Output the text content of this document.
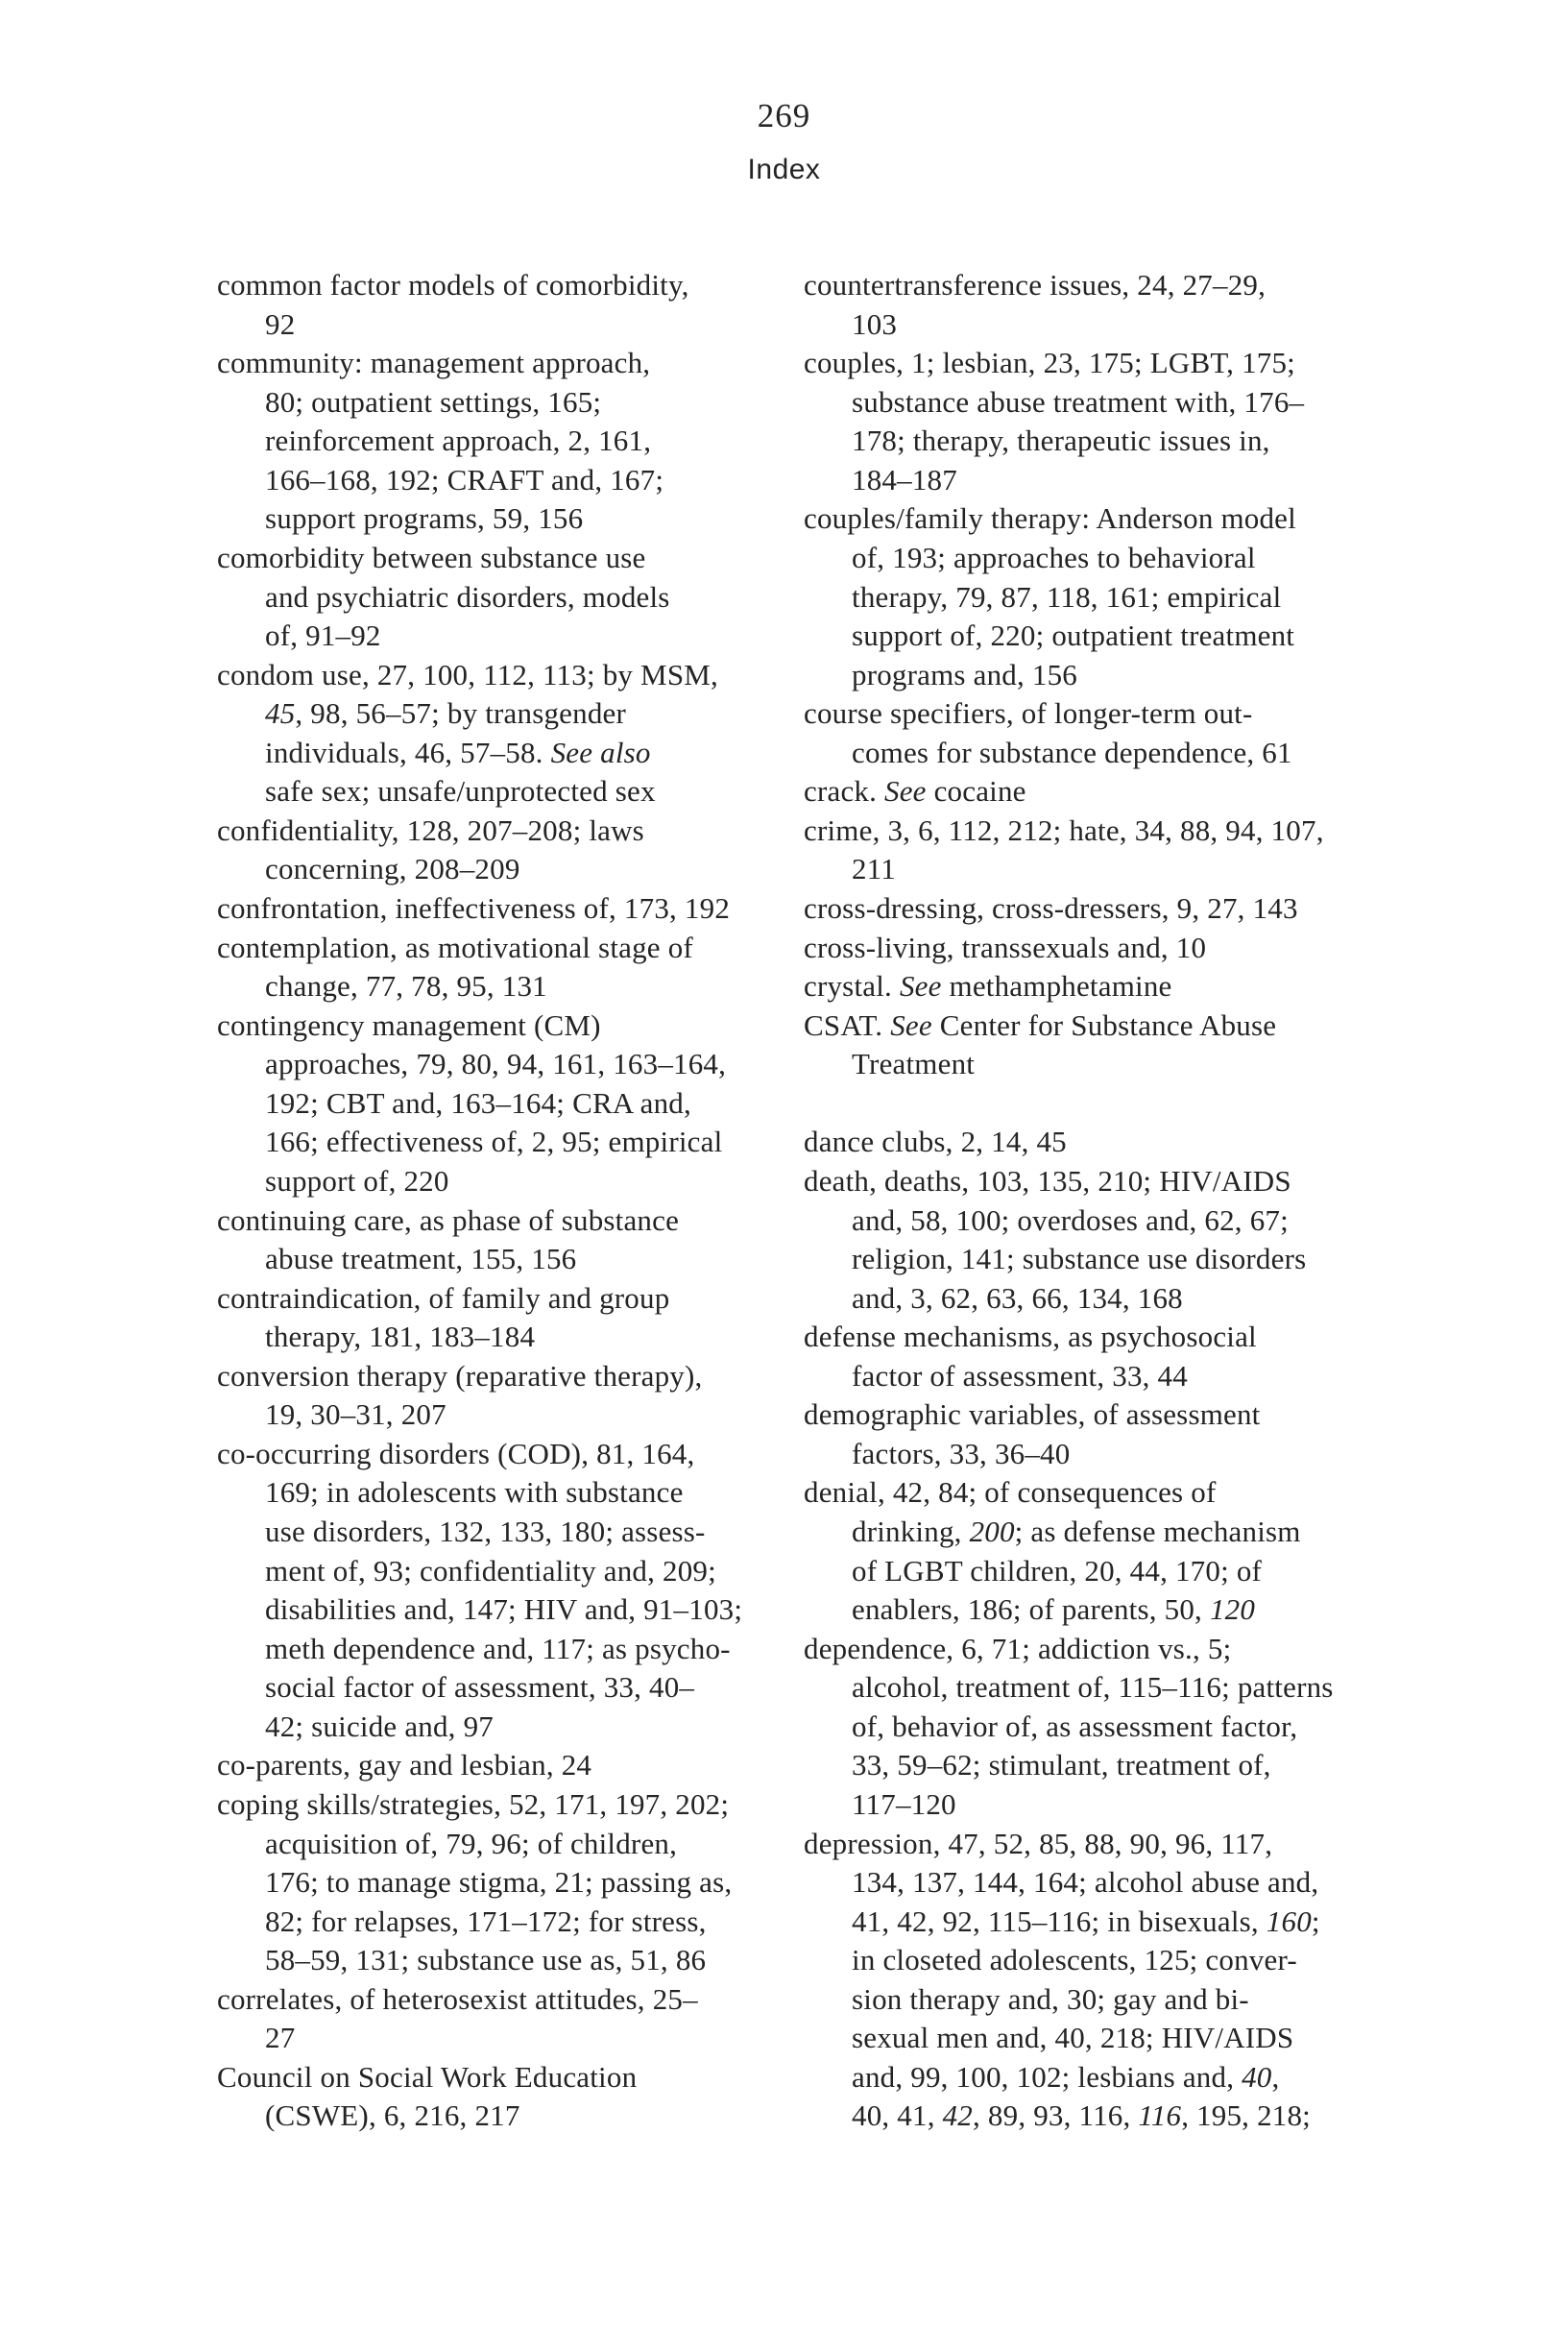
269
Index
common factor models of comorbidity,
92
community: management approach,
80; outpatient settings, 165;
reinforcement approach, 2, 161,
166–168, 192; CRAFT and, 167;
support programs, 59, 156
comorbidity between substance use
and psychiatric disorders, models
of, 91–92
condom use, 27, 100, 112, 113; by MSM,
45, 98, 56–57; by transgender
individuals, 46, 57–58. See also
safe sex; unsafe/unprotected sex
confidentiality, 128, 207–208; laws
concerning, 208–209
confrontation, ineffectiveness of, 173, 192
contemplation, as motivational stage of
change, 77, 78, 95, 131
contingency management (CM)
approaches, 79, 80, 94, 161, 163–164,
192; CBT and, 163–164; CRA and,
166; effectiveness of, 2, 95; empirical
support of, 220
continuing care, as phase of substance
abuse treatment, 155, 156
contraindication, of family and group
therapy, 181, 183–184
conversion therapy (reparative therapy),
19, 30–31, 207
co-occurring disorders (COD), 81, 164,
169; in adolescents with substance
use disorders, 132, 133, 180; assess-
ment of, 93; confidentiality and, 209;
disabilities and, 147; HIV and, 91–103;
meth dependence and, 117; as psycho-
social factor of assessment, 33, 40–
42; suicide and, 97
co-parents, gay and lesbian, 24
coping skills/strategies, 52, 171, 197, 202;
acquisition of, 79, 96; of children,
176; to manage stigma, 21; passing as,
82; for relapses, 171–172; for stress,
58–59, 131; substance use as, 51, 86
correlates, of heterosexist attitudes, 25–
27
Council on Social Work Education
(CSWE), 6, 216, 217
countertransference issues, 24, 27–29,
103
couples, 1; lesbian, 23, 175; LGBT, 175;
substance abuse treatment with, 176–
178; therapy, therapeutic issues in,
184–187
couples/family therapy: Anderson model
of, 193; approaches to behavioral
therapy, 79, 87, 118, 161; empirical
support of, 220; outpatient treatment
programs and, 156
course specifiers, of longer-term out-
comes for substance dependence, 61
crack. See cocaine
crime, 3, 6, 112, 212; hate, 34, 88, 94, 107,
211
cross-dressing, cross-dressers, 9, 27, 143
cross-living, transsexuals and, 10
crystal. See methamphetamine
CSAT. See Center for Substance Abuse
Treatment
dance clubs, 2, 14, 45
death, deaths, 103, 135, 210; HIV/AIDS
and, 58, 100; overdoses and, 62, 67;
religion, 141; substance use disorders
and, 3, 62, 63, 66, 134, 168
defense mechanisms, as psychosocial
factor of assessment, 33, 44
demographic variables, of assessment
factors, 33, 36–40
denial, 42, 84; of consequences of
drinking, 200; as defense mechanism
of LGBT children, 20, 44, 170; of
enablers, 186; of parents, 50, 120
dependence, 6, 71; addiction vs., 5;
alcohol, treatment of, 115–116; patterns
of, behavior of, as assessment factor,
33, 59–62; stimulant, treatment of,
117–120
depression, 47, 52, 85, 88, 90, 96, 117,
134, 137, 144, 164; alcohol abuse and,
41, 42, 92, 115–116; in bisexuals, 160;
in closeted adolescents, 125; conver-
sion therapy and, 30; gay and bi-
sexual men and, 40, 218; HIV/AIDS
and, 99, 100, 102; lesbians and, 40,
40, 41, 42, 89, 93, 116, 116, 195, 218;
